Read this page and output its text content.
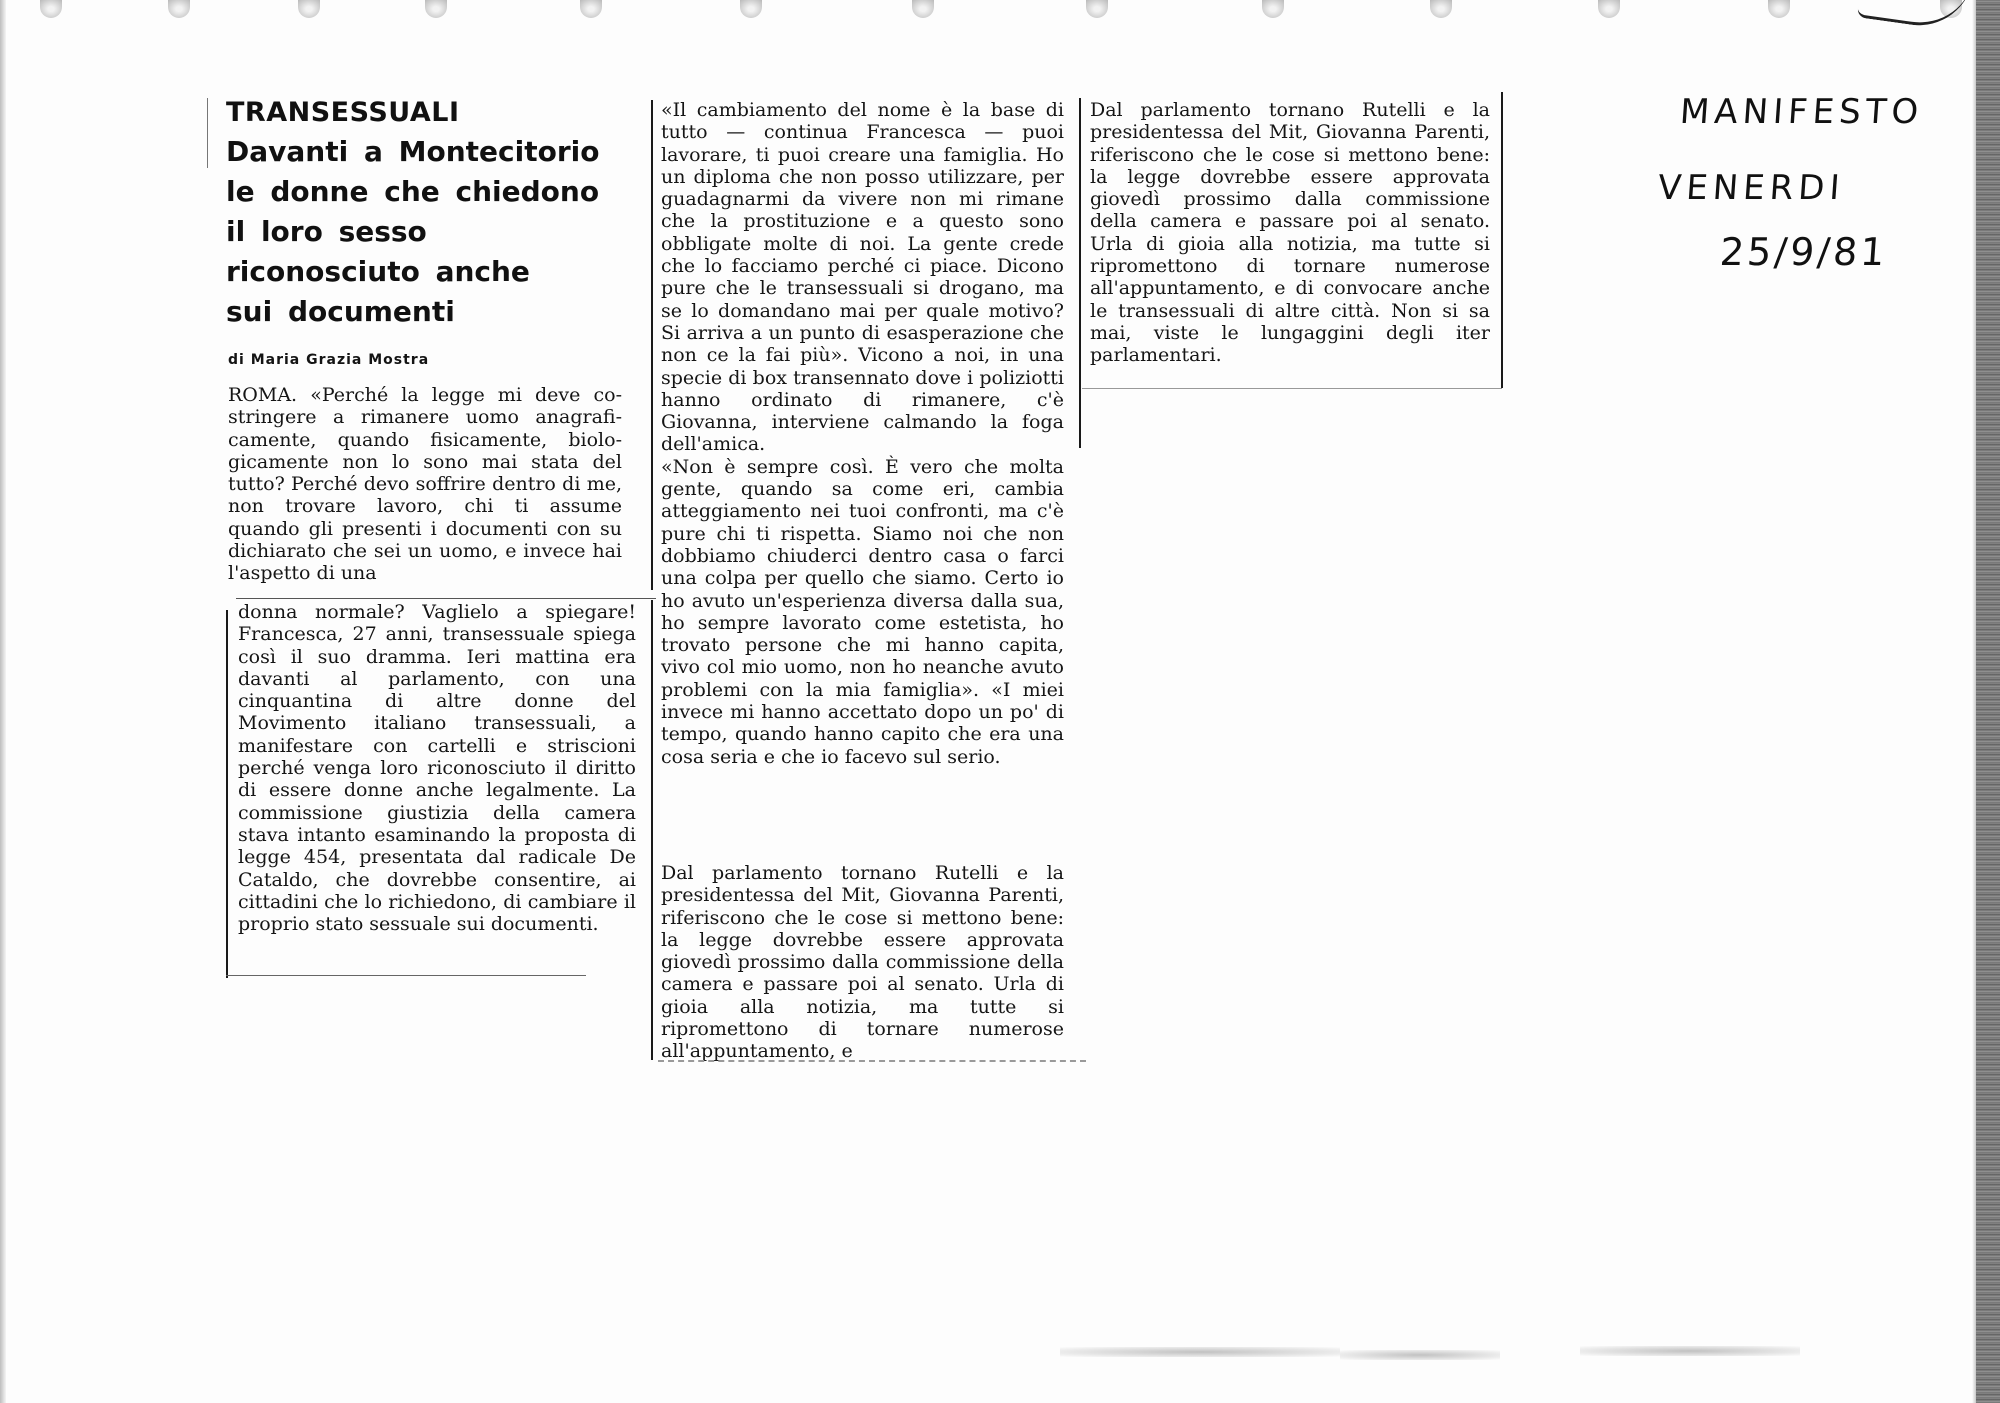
TRANSESSUALI
Davanti a Montecitorio
le donne che chiedono
il loro sesso
riconosciuto anche
sui documenti
di Maria Grazia Mostra

ROMA. «Perché la legge mi deve costringere a rimanere uomo anagraficamente, quando fisicamente, biologicamente non lo sono mai stata del tutto? Perché devo soffrire dentro di me, non trovare lavoro, chi ti assume quando gli presenti i documenti con su dichiarato che sei un uomo, e invece hai l'aspetto di una

donna normale? Vaglielo a spiegare! Francesca, 27 anni, transessuale spiega così il suo dramma. Ieri mattina era davanti al parlamento, con una cinquantina di altre donne del Movimento italiano transessuali, a manifestare con cartelli e striscioni perché venga loro riconosciuto il diritto di essere donne anche legalmente. La commissione giustizia della camera stava intanto esaminando la proposta di legge 454, presentata dal radicale De Cataldo, che dovrebbe consentire, ai cittadini che lo richiedono, di cambiare il proprio stato sessuale sui documenti.

«Il cambiamento del nome è la base di tutto — continua Francesca — puoi lavorare, ti puoi creare una famiglia. Ho un diploma che non posso utilizzare, per guadagnarmi da vivere non mi rimane che la prostituzione e a questo sono obbligate molte di noi. La gente crede che lo facciamo perché ci piace. Dicono pure che le transessuali si drogano, ma se lo domandano mai per quale motivo? Si arriva a un punto di esasperazione che non ce la fai più». Vicono a noi, in una specie di box transennato dove i poliziotti hanno ordinato di rimanere, c'è Giovanna, interviene calmando la foga dell'amica.

«Non è sempre così. È vero che molta gente, quando sa come eri, cambia atteggiamento nei tuoi confronti, ma c'è pure chi ti rispetta. Siamo noi che non dobbiamo chiuderci dentro casa o farci una colpa per quello che siamo. Certo io ho avuto un'esperienza diversa dalla sua, ho sempre lavorato come estetista, ho trovato persone che mi hanno capita, vivo col mio uomo, non ho neanche avuto problemi con la mia famiglia». «I miei invece mi hanno accettato dopo un po' di tempo, quando hanno capito che era una cosa seria e che io facevo sul serio.

Dal parlamento tornano Rutelli e la presidentessa del Mit, Giovanna Parenti, riferiscono che le cose si mettono bene: la legge dovrebbe essere approvata giovedì prossimo dalla commissione della camera e passare poi al senato. Urla di gioia alla notizia, ma tutte si ripromettono di tornare numerose all'appuntamento, e

Dal parlamento tornano Rutelli e la presidentessa del Mit, Giovanna Parenti, riferiscono che le cose si mettono bene: la legge dovrebbe essere approvata giovedì prossimo dalla commissione della camera e passare poi al senato. Urla di gioia alla notizia, ma tutte si ripromettono di tornare numerose all'appuntamento, e di convocare anche le transessuali di altre città. Non si sa mai, viste le lungaggini degli iter parlamentari.

MANIFESTO
VENERDI
25/9/81
